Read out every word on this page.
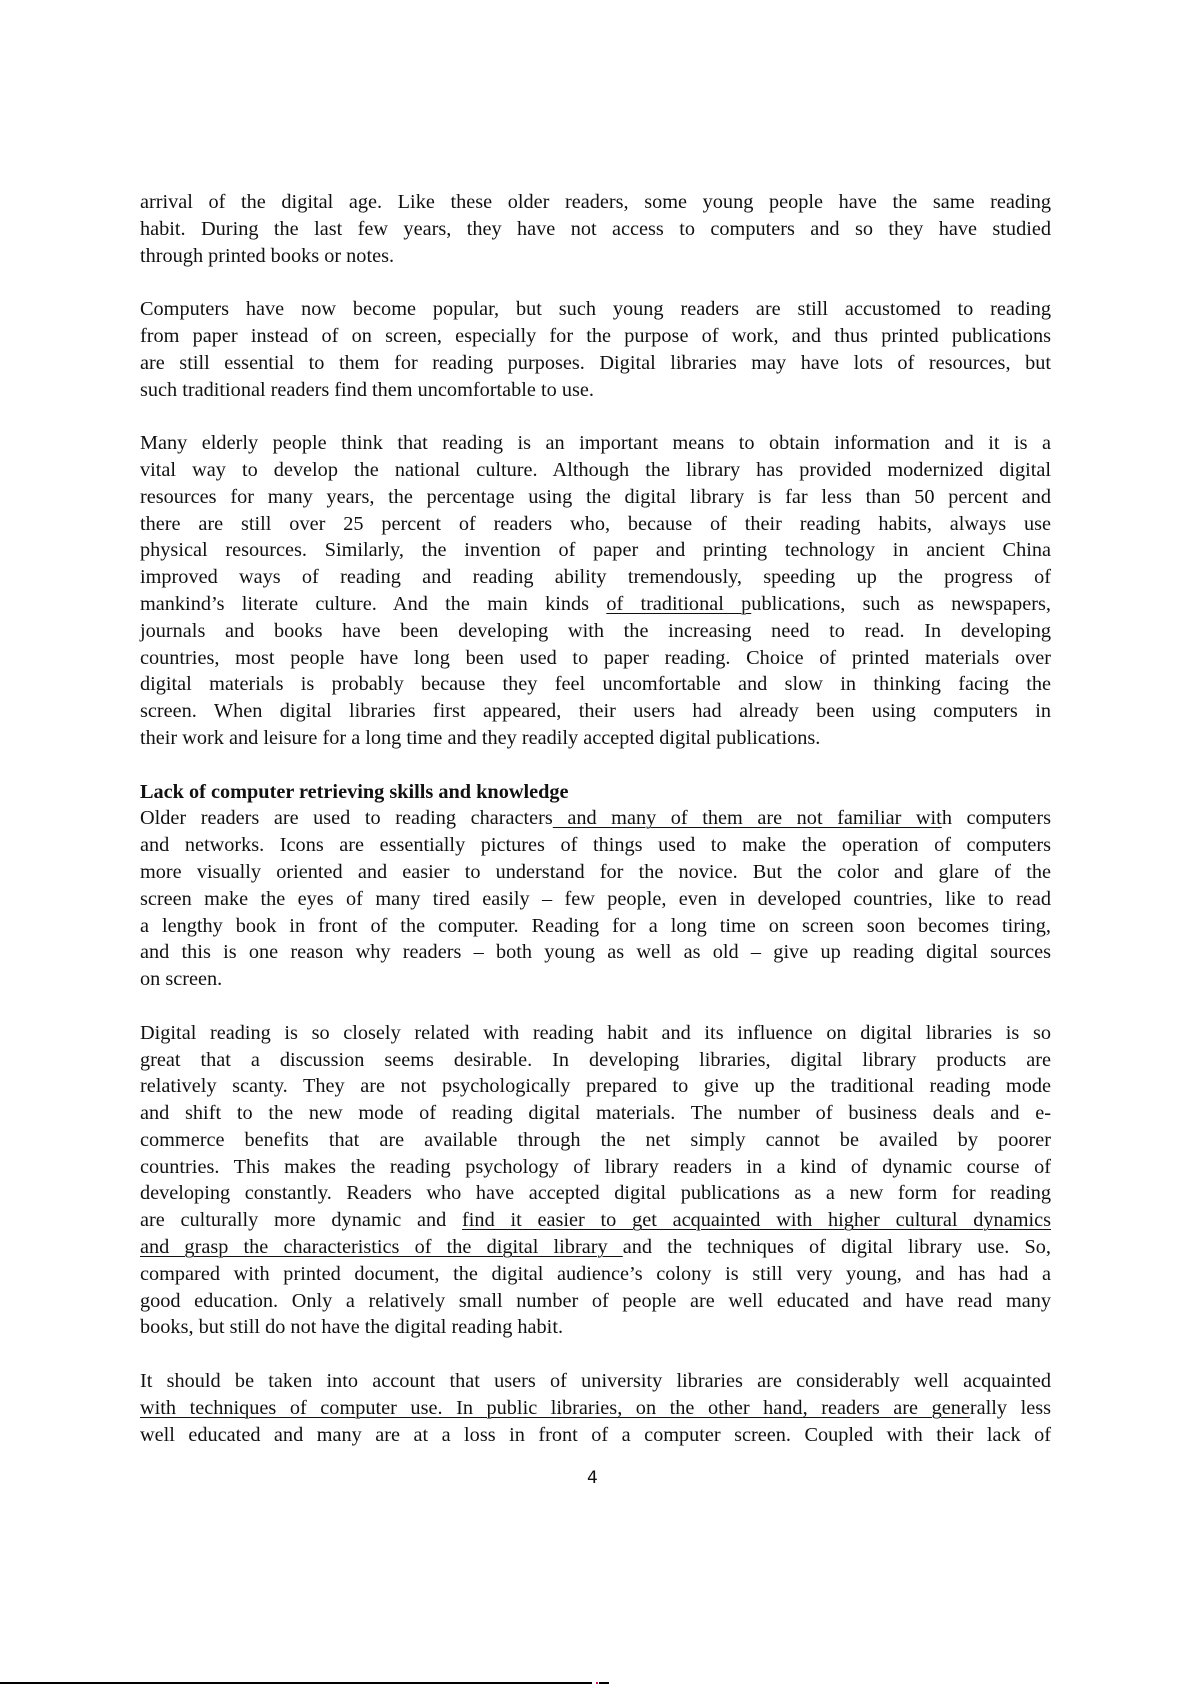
arrival of the digital age. Like these older readers, some young people have the same reading
habit. During the last few years, they have not access to computers and so they have studied
through printed books or notes.
Computers have now become popular, but such young readers are still accustomed to reading
from paper instead of on screen, especially for the purpose of work, and thus printed publications
are still essential to them for reading purposes. Digital libraries may have lots of resources, but
such traditional readers find them uncomfortable to use.
Many elderly people think that reading is an important means to obtain information and it is a
vital way to develop the national culture. Although the library has provided modernized digital
resources for many years, the percentage using the digital library is far less than 50 percent and
there are still over 25 percent of readers who, because of their reading habits, always use
physical resources. Similarly, the invention of paper and printing technology in ancient China
improved ways of reading and reading ability tremendously, speeding up the progress of
mankind’s literate culture. And the main kinds of traditional publications, such as newspapers,
journals and books have been developing with the increasing need to read. In developing
countries, most people have long been used to paper reading. Choice of printed materials over
digital materials is probably because they feel uncomfortable and slow in thinking facing the
screen. When digital libraries first appeared, their users had already been using computers in
their work and leisure for a long time and they readily accepted digital publications.
Lack of computer retrieving skills and knowledge
Older readers are used to reading characters and many of them are not familiar with computers
and networks. Icons are essentially pictures of things used to make the operation of computers
more visually oriented and easier to understand for the novice. But the color and glare of the
screen make the eyes of many tired easily – few people, even in developed countries, like to read
a lengthy book in front of the computer. Reading for a long time on screen soon becomes tiring,
and this is one reason why readers – both young as well as old – give up reading digital sources
on screen.
Digital reading is so closely related with reading habit and its influence on digital libraries is so
great that a discussion seems desirable. In developing libraries, digital library products are
relatively scanty. They are not psychologically prepared to give up the traditional reading mode
and shift to the new mode of reading digital materials. The number of business deals and e-
commerce benefits that are available through the net simply cannot be availed by poorer
countries. This makes the reading psychology of library readers in a kind of dynamic course of
developing constantly. Readers who have accepted digital publications as a new form for reading
are culturally more dynamic and find it easier to get acquainted with higher cultural dynamics
and grasp the characteristics of the digital library and the techniques of digital library use. So,
compared with printed document, the digital audience’s colony is still very young, and has had a
good education. Only a relatively small number of people are well educated and have read many
books, but still do not have the digital reading habit.
It should be taken into account that users of university libraries are considerably well acquainted
with techniques of computer use. In public libraries, on the other hand, readers are generally less
well educated and many are at a loss in front of a computer screen. Coupled with their lack of
4
